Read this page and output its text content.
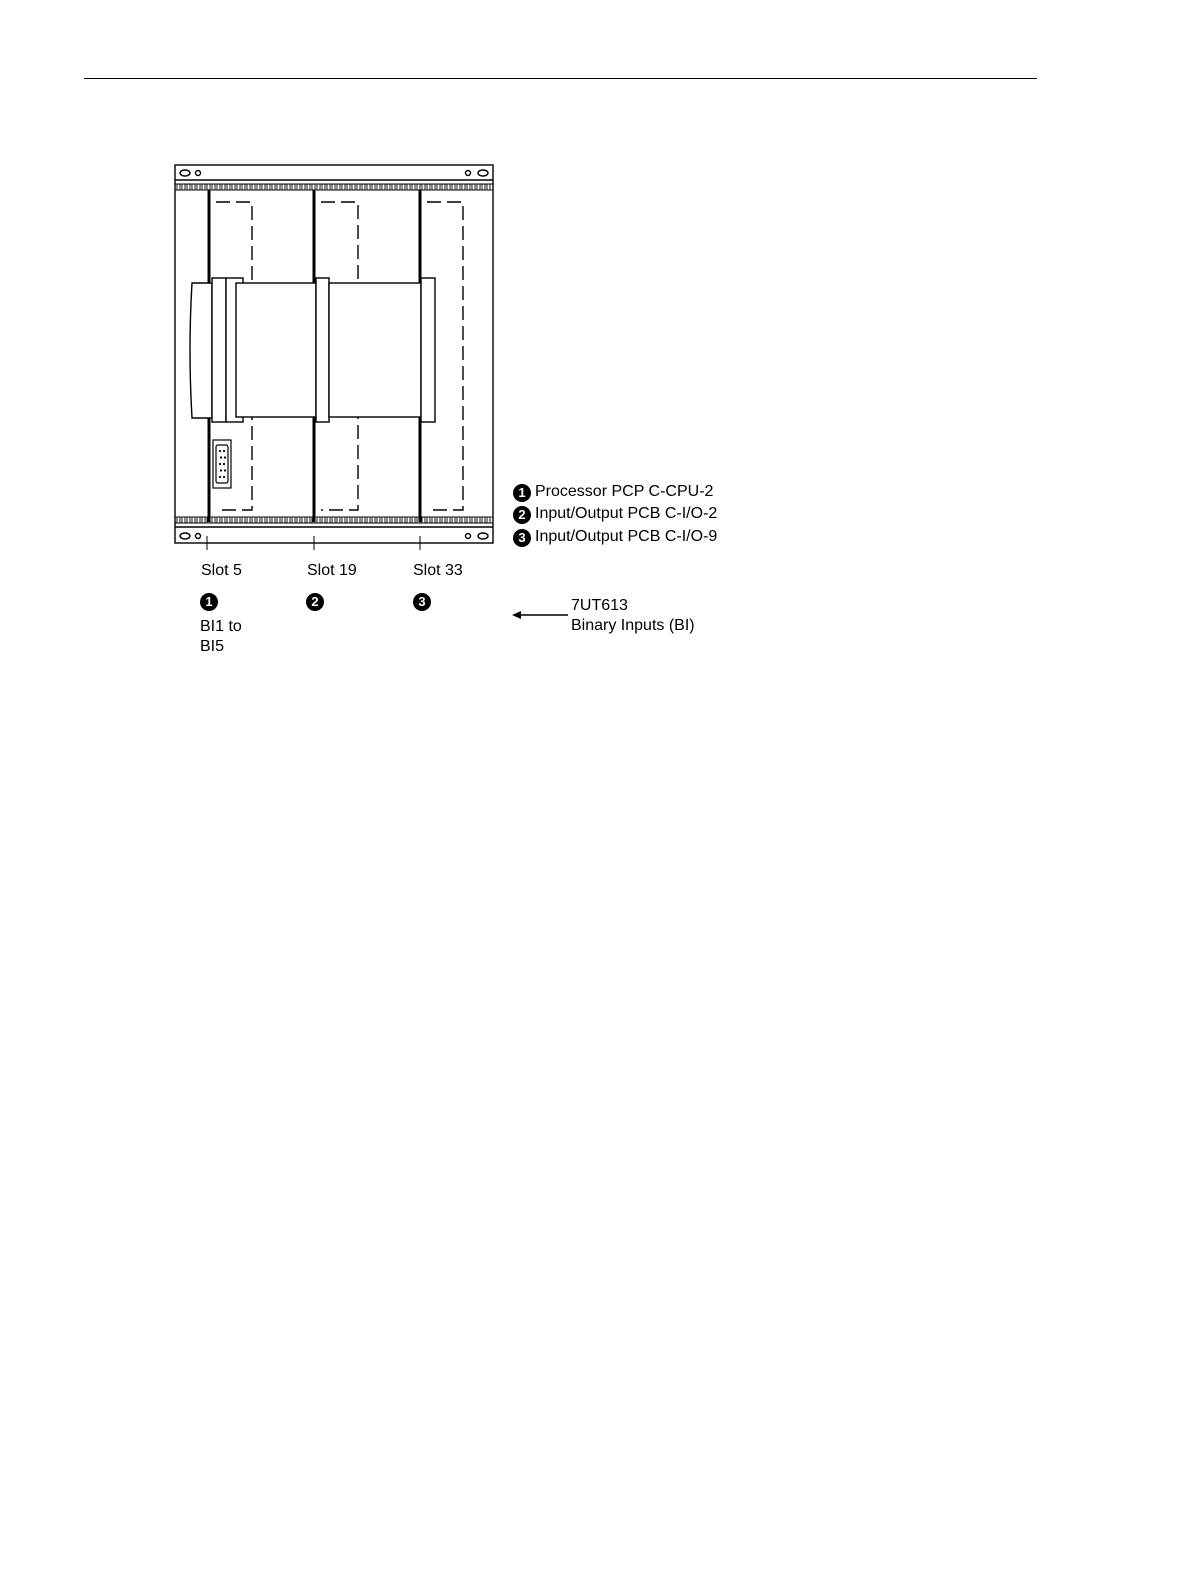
1 Processor PCP C-CPU-2
2 Input/Output PCB C-I/O-2
3 Input/Output PCB C-I/O-9
Slot 5	Slot 19	Slot 33
1	2	3
BI1 to
BI5
7UT613
Binary Inputs (BI)
